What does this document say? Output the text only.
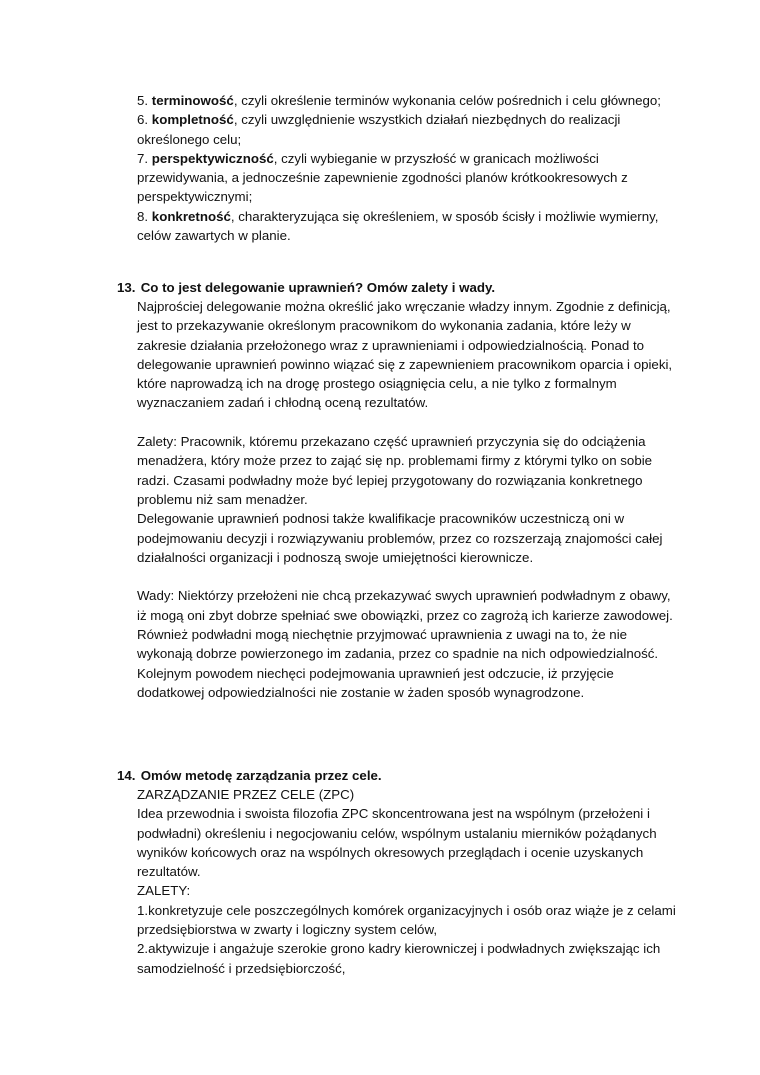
5. terminowość, czyli określenie terminów wykonania celów pośrednich i celu głównego;

6. kompletność, czyli uwzględnienie wszystkich działań niezbędnych do realizacji określonego celu;

7. perspektywiczność, czyli wybieganie w przyszłość w granicach możliwości przewidywania, a jednocześnie zapewnienie zgodności planów krótkookresowych z perspektywicznymi;

8. konkretność, charakteryzująca się określeniem, w sposób ścisły i możliwie wymierny, celów zawartych w planie.

13. Co to jest delegowanie uprawnień? Omów zalety i wady.

Najprościej delegowanie można określić jako wręczanie władzy innym. Zgodnie z definicją, jest to przekazywanie określonym pracownikom do wykonania zadania, które leży w zakresie działania przełożonego wraz z uprawnieniami i odpowiedzialnością. Ponad to delegowanie uprawnień powinno wiązać się z zapewnieniem pracownikom oparcia i opieki, które naprowadzą ich na drogę prostego osiągnięcia celu, a nie tylko z formalnym wyznaczaniem zadań i chłodną oceną rezultatów.

Zalety: Pracownik, któremu przekazano część uprawnień przyczynia się do odciążenia menadżera, który może przez to zająć się np. problemami firmy z którymi tylko on sobie radzi. Czasami podwładny może być lepiej przygotowany do rozwiązania konkretnego problemu niż sam menadżer.

Delegowanie uprawnień podnosi także kwalifikacje pracowników uczestniczą oni w podejmowaniu decyzji i rozwiązywaniu problemów, przez co rozszerzają znajomości całej działalności organizacji i podnoszą swoje umiejętności kierownicze.

Wady: Niektórzy przełożeni nie chcą przekazywać swych uprawnień podwładnym z obawy, iż mogą oni zbyt dobrze spełniać swe obowiązki, przez co zagrożą ich karierze zawodowej.

Również podwładni mogą niechętnie przyjmować uprawnienia z uwagi na to, że nie wykonają dobrze powierzonego im zadania, przez co spadnie na nich odpowiedzialność. Kolejnym powodem niechęci podejmowania uprawnień jest odczucie, iż przyjęcie dodatkowej odpowiedzialności nie zostanie w żaden sposób wynagrodzone.

14. Omów metodę zarządzania przez cele.

ZARZĄDZANIE PRZEZ CELE (ZPC)

Idea przewodnia i swoista filozofia ZPC skoncentrowana jest na wspólnym (przełożeni i podwładni) określeniu i negocjowaniu celów, wspólnym ustalaniu mierników pożądanych wyników końcowych oraz na wspólnych okresowych przeglądach i ocenie uzyskanych rezultatów.

ZALETY:

1.konkretyzuje cele poszczególnych komórek organizacyjnych i osób oraz wiąże je z celami przedsiębiorstwa w zwarty i logiczny system celów,

2.aktywizuje i angażuje szerokie grono kadry kierowniczej i podwładnych zwiększając ich samodzielność i przedsiębiorczość,
